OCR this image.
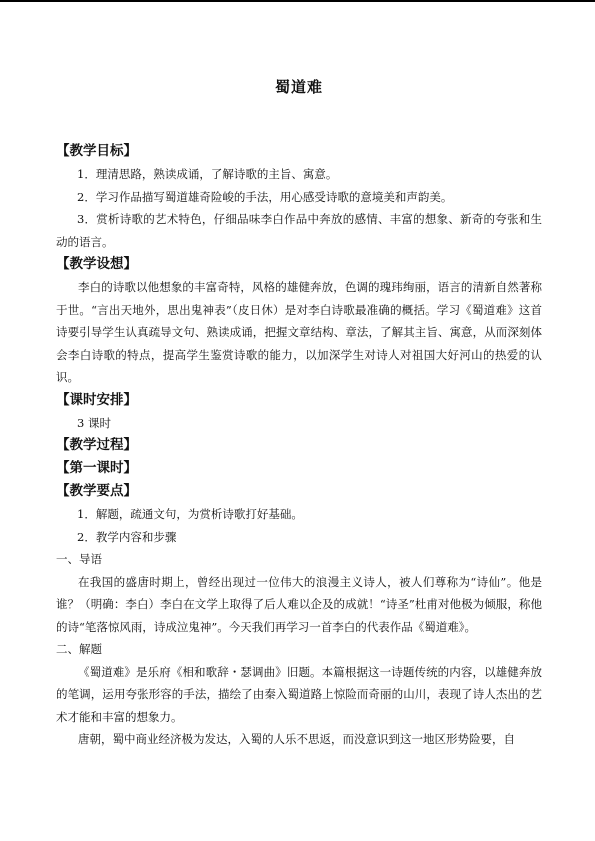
蜀道难
【教学目标】
1．理清思路，熟读成诵，了解诗歌的主旨、寓意。
2．学习作品描写蜀道雄奇险峻的手法，用心感受诗歌的意境美和声韵美。
3．赏析诗歌的艺术特色，仔细品味李白作品中奔放的感情、丰富的想象、新奇的夸张和生动的语言。
【教学设想】
李白的诗歌以他想象的丰富奇特，风格的雄健奔放，色调的瑰玮绚丽，语言的清新自然著称于世。“言出天地外，思出鬼神表”（皮日休）是对李白诗歌最准确的概括。学习《蜀道难》这首诗要引导学生认真疏导文句、熟读成诵，把握文章结构、章法，了解其主旨、寓意，从而深刻体会李白诗歌的特点，提高学生鉴赏诗歌的能力，以加深学生对诗人对祖国大好河山的热爱的认识。
【课时安排】
3 课时
【教学过程】
【第一课时】
【教学要点】
1．解题，疏通文句，为赏析诗歌打好基础。
2．教学内容和步骤
一、导语
在我国的盛唐时期上，曾经出现过一位伟大的浪漫主义诗人，被人们尊称为“诗仙”。他是谁？（明确：李白）李白在文学上取得了后人难以企及的成就！“诗圣”杜甫对他极为倾服，称他的诗“笔落惊风雨，诗成泣鬼神”。今天我们再学习一首李白的代表作品《蜀道难》。
二、解题
《蜀道难》是乐府《相和歌辞・瑟调曲》旧题。本篇根据这一诗题传统的内容，以雄健奔放的笔调，运用夸张形容的手法，描绘了由秦入蜀道路上惊险而奇丽的山川，表现了诗人杰出的艺术才能和丰富的想象力。
唐朝，蜀中商业经济极为发达，入蜀的人乐不思返，而没意识到这一地区形势险要，自
